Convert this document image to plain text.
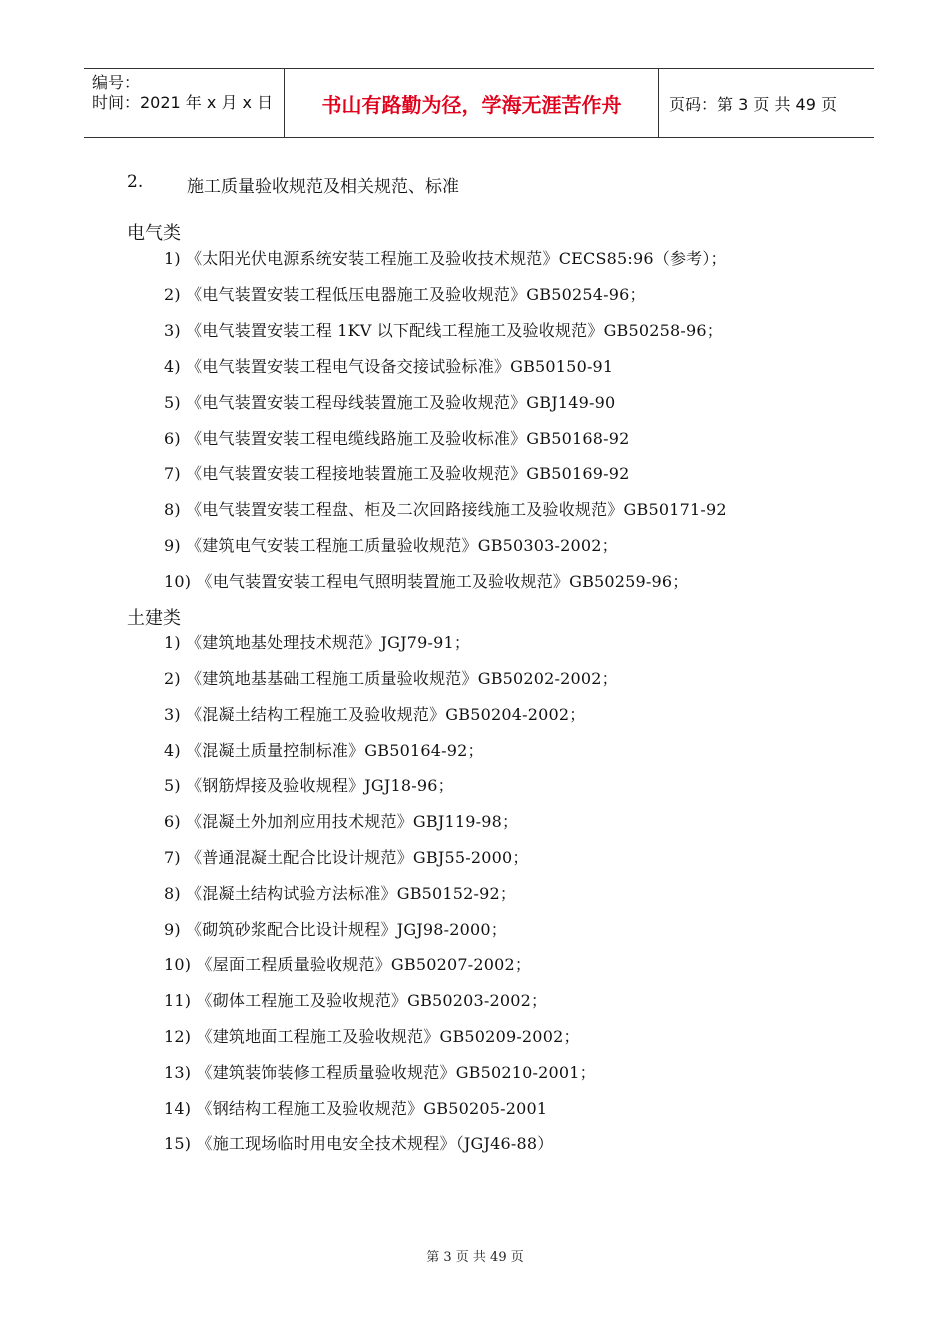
编号：
时间：2021 年 x 月 x 日	书山有路勤为径，学海无涯苦作舟	页码：第 3 页 共 49 页
2.	施工质量验收规范及相关规范、标准
电气类
1) 《太阳光伏电源系统安装工程施工及验收技术规范》CECS85:96（参考）；
2) 《电气装置安装工程低压电器施工及验收规范》GB50254-96；
3) 《电气装置安装工程 1KV 以下配线工程施工及验收规范》GB50258-96；
4) 《电气装置安装工程电气设备交接试验标准》GB50150-91
5) 《电气装置安装工程母线装置施工及验收规范》GBJ149-90
6) 《电气装置安装工程电缆线路施工及验收标准》GB50168-92
7) 《电气装置安装工程接地装置施工及验收规范》GB50169-92
8) 《电气装置安装工程盘、柜及二次回路接线施工及验收规范》GB50171-92
9) 《建筑电气安装工程施工质量验收规范》GB50303-2002；
10) 《电气装置安装工程电气照明装置施工及验收规范》GB50259-96；
土建类
1) 《建筑地基处理技术规范》JGJ79-91；
2) 《建筑地基基础工程施工质量验收规范》GB50202-2002；
3) 《混凝土结构工程施工及验收规范》GB50204-2002；
4) 《混凝土质量控制标准》GB50164-92；
5) 《钢筋焊接及验收规程》JGJ18-96；
6) 《混凝土外加剂应用技术规范》GBJ119-98；
7) 《普通混凝土配合比设计规范》GBJ55-2000；
8) 《混凝土结构试验方法标准》GB50152-92；
9) 《砌筑砂浆配合比设计规程》JGJ98-2000；
10) 《屋面工程质量验收规范》GB50207-2002；
11) 《砌体工程施工及验收规范》GB50203-2002；
12) 《建筑地面工程施工及验收规范》GB50209-2002；
13) 《建筑装饰装修工程质量验收规范》GB50210-2001；
14) 《钢结构工程施工及验收规范》GB50205-2001
15) 《施工现场临时用电安全技术规程》（JGJ46-88）
第 3 页 共 49 页
